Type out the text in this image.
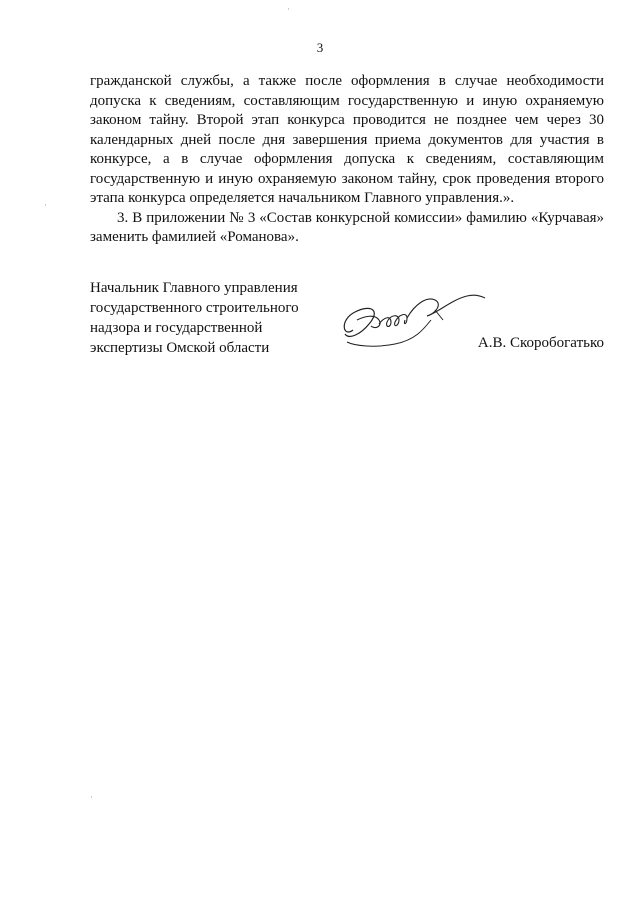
3

гражданской службы, а также после оформления в случае необходимости допуска к сведениям, составляющим государственную и иную охраняемую законом тайну. Второй этап конкурса проводится не позднее чем через 30 календарных дней после дня завершения приема документов для участия в конкурсе, а в случае оформления допуска к сведениям, составляющим государственную и иную охраняемую законом тайну, срок проведения второго этапа конкурса определяется начальником Главного управления.».

3. В приложении № 3 «Состав конкурсной комиссии» фамилию «Курчавая» заменить фамилией «Романова».

Начальник Главного управления
государственного строительного
надзора и государственной
экспертизы Омской области	А.В. Скоробогатько
·
·
·
